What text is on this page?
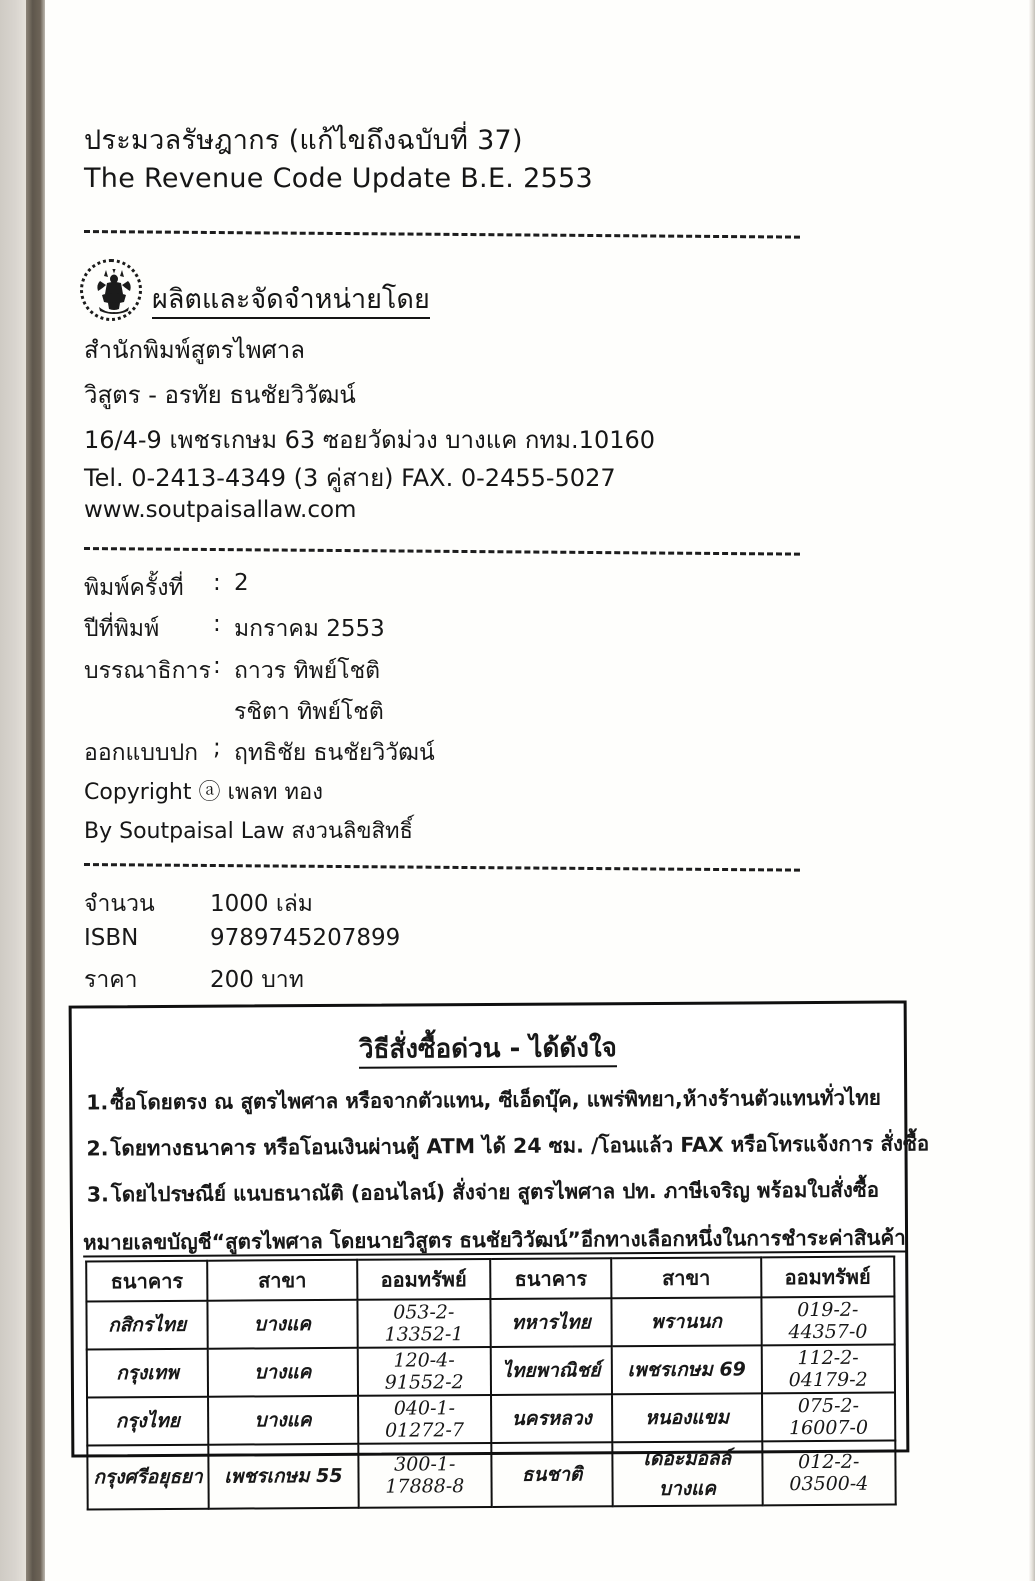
ประมวลรัษฎากร (แก้ไขถึงฉบับที่ 37)
The Revenue Code Update B.E. 2553
ผลิตและจัดจำหน่ายโดย
สำนักพิมพ์สูตรไพศาล
วิสูตร - อรทัย ธนชัยวิวัฒน์
16/4-9 เพชรเกษม 63 ซอยวัดม่วง บางแค กทม.10160
Tel. 0-2413-4349 (3 คู่สาย) FAX. 0-2455-5027
www.soutpaisallaw.com
พิมพ์ครั้งที่ : 2
ปีที่พิมพ์ : มกราคม 2553
บรรณาธิการ : ถาวร ทิพย์โชติ
รชิตา ทิพย์โชติ
ออกแบบปก ; ฤทธิชัย ธนชัยวิวัฒน์
Copyright ⓐ เพลท ทอง
By Soutpaisal Law สงวนลิขสิทธิ์
จำนวน 1000 เล่ม
ISBN	9789745207899
ราคา	200 บาท
วิธีสั่งซื้อด่วน - ได้ดังใจ
1.ซื้อโดยตรง ณ สูตรไพศาล หรือจากตัวแทน, ซีเอ็ดบุ๊ค, แพร่พิทยา,ห้างร้านตัวแทนทั่วไทย
2.โดยทางธนาคาร หรือโอนเงินผ่านตู้ ATM ได้ 24 ซม. /โอนแล้ว FAX หรือโทรแจ้งการ สั่งซื้อ
3.โดยไปรษณีย์ แนบธนาณัติ (ออนไลน์) สั่งจ่าย สูตรไพศาล ปท. ภาษีเจริญ พร้อมใบสั่งซื้อ
หมายเลขบัญชี“สูตรไพศาล โดยนายวิสูตร ธนชัยวิวัฒน์”อีกทางเลือกหนึ่งในการชำระค่าสินค้า
ธนาคาร	สาขา	ออมทรัพย์	ธนาคาร	สาขา	ออมทรัพย์
กสิกรไทย	บางแค	053-2-13352-1	ทหารไทย	พรานนก	019-2-44357-0
กรุงเทพ	บางแค	120-4-91552-2	ไทยพาณิชย์	เพชรเกษม 69	112-2-04179-2
กรุงไทย	บางแค	040-1-01272-7	นครหลวง	หนองแขม	075-2-16007-0
กรุงศรีอยุธยา	เพชรเกษม 55	300-1-17888-8	ธนชาติ	เดอะมอลล์ บางแค	012-2-03500-4
